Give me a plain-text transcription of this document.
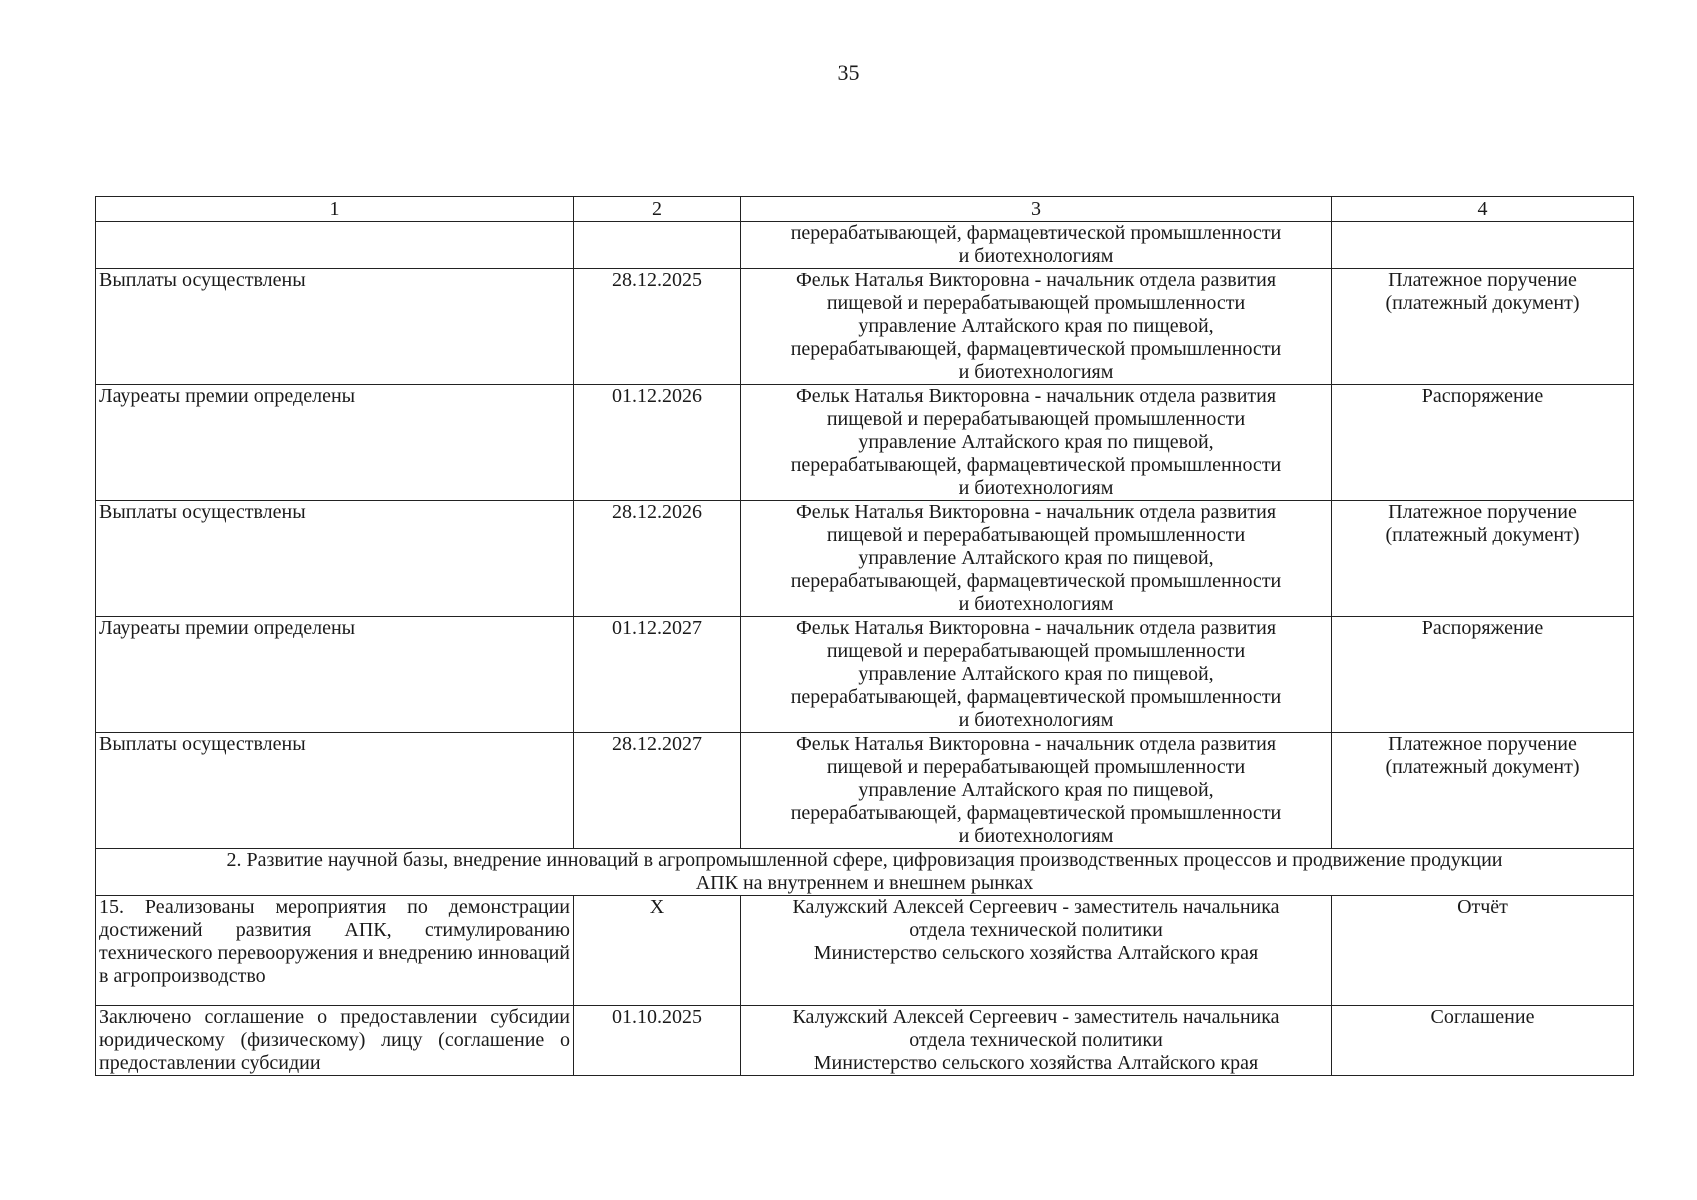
35
1	2	3	4

		перерабатывающей, фармацевтической промышленности
и биотехнологиям	

Выплаты осуществлены	28.12.2025	Фельк Наталья Викторовна - начальник отдела развития
пищевой и перерабатывающей промышленности
управление Алтайского края по пищевой,
перерабатывающей, фармацевтической промышленности
и биотехнологиям	Платежное поручение
(платежный документ)

Лауреаты премии определены	01.12.2026	Фельк Наталья Викторовна - начальник отдела развития
пищевой и перерабатывающей промышленности
управление Алтайского края по пищевой,
перерабатывающей, фармацевтической промышленности
и биотехнологиям	Распоряжение

Выплаты осуществлены	28.12.2026	Фельк Наталья Викторовна - начальник отдела развития
пищевой и перерабатывающей промышленности
управление Алтайского края по пищевой,
перерабатывающей, фармацевтической промышленности
и биотехнологиям	Платежное поручение
(платежный документ)

Лауреаты премии определены	01.12.2027	Фельк Наталья Викторовна - начальник отдела развития
пищевой и перерабатывающей промышленности
управление Алтайского края по пищевой,
перерабатывающей, фармацевтической промышленности
и биотехнологиям	Распоряжение

Выплаты осуществлены	28.12.2027	Фельк Наталья Викторовна - начальник отдела развития
пищевой и перерабатывающей промышленности
управление Алтайского края по пищевой,
перерабатывающей, фармацевтической промышленности
и биотехнологиям	Платежное поручение
(платежный документ)

2. Развитие научной базы, внедрение инноваций в агропромышленной сфере, цифровизация производственных процессов и продвижение продукции
АПК на внутреннем и внешнем рынках			

15. Реализованы мероприятия по демонстрации достижений развития АПК, стимулированию технического перевооружения и внедрению инноваций в агропроизводство	Х	Калужский Алексей Сергеевич - заместитель начальника
отдела технической политики
Министерство сельского хозяйства Алтайского края	Отчёт
Заключено соглашение о предоставлении субсидии юридическому (физическому) лицу (соглашение о предоставлении субсидии	01.10.2025	Калужский Алексей Сергеевич - заместитель начальника
отдела технической политики
Министерство сельского хозяйства Алтайского края	Соглашение
